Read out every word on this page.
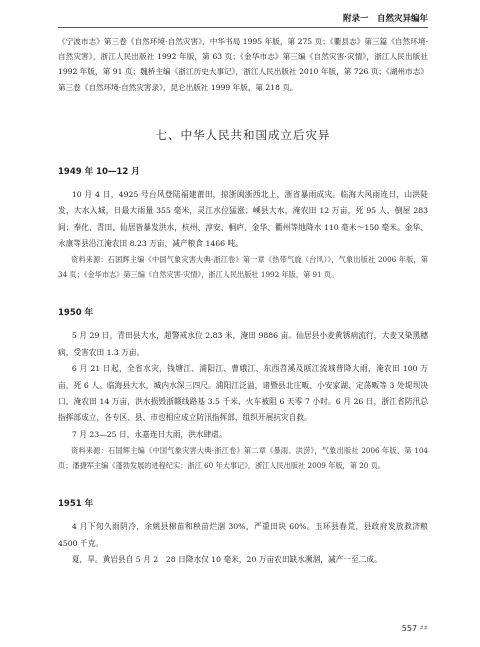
附录一　自然灾异编年

《宁波市志》第三卷《自然环境·自然灾害》，中华书局 1995 年版，第 275 页；《衢县志》第三篇《自然环境·自然灾害》，浙江人民出版社 1992 年版，第 63 页；《金华市志》第三编《自然灾害·灾情》，浙江人民出版社 1992 年版，第 91 页；魏桥主编《浙江历史大事记》，浙江人民出版社 2010 年版，第 726 页；《湖州市志》第三卷《自然环境·自然灾害录》，昆仑出版社 1999 年版，第 218 页。

七、中华人民共和国成立后灾异
1949 年 10—12 月

10 月 4 日，4925 号台风登陆福建莆田，掠浙闽浙西北上，浙省暴雨成灾。临海大风雨连日，山洪陡发，大水入城，日最大雨量 355 毫米，灵江水位猛涨；嵊县大水，淹农田 12 万亩，死 95 人，倒屋 283 间；奉化、青田、仙居皆暴发洪水，杭州、淳安、桐庐、金华、衢州等地降水 110 毫米～150 毫米。金华、永康等县沿江淹农田 8.23 万亩，减产粮食 1466 吨。

资料来源：石国辉主编《中国气象灾害大典·浙江卷》第一章《热带气旋（台风）》，气象出版社 2006 年版，第 34 页；《金华市志》第三编《自然灾害·灾情》，浙江人民出版社 1992 年版，第 91 页。

1950 年

5 月 29 日，青田县大水，超警戒水位 2.83 米，淹田 9886 亩。仙居县小麦黄锈病流行，大麦又染黑穗病，受害农田 1.3 万亩。

6 月 21 日起，全省水灾，钱塘江、浦阳江、曹娥江、东西苕溪及瓯江流域普降大雨，淹农田 100 万亩，死 6 人。临海县大水，城内水深三四尺。浦阳江泛溢，诸暨县北庄畈、小安家湖、定荡畈等 3 处堤坝决口，淹农田 14 万亩，洪水损毁浙赣线路基 3.5 千米，火车被阻 6 天零 7 小时。6 月 26 日，浙江省防汛总指挥部成立，各专区、县、市也相应成立防汛指挥部，组织开展抗灾自救。

7 月 23—25 日，永嘉连日大雨，洪水肆虐。

资料来源：石国辉主编《中国气象灾害大典·浙江卷》第二章《暴雨、洪涝》，气象出版社 2006 年版，第 104 页；潘捷军主编《蓬勃发展的进程纪实：浙江 60 年大事记》，浙江人民出版社 2009 年版，第 20 页。

1951 年

4 月下旬久雨阴冷，余姚县棉苗和秧苗烂涸 30%，严重田块 60%。玉环县春荒，县政府发放救济粮 4500 千克。

夏，旱。黄岩县自 5 月 2　28 日降水仅 10 毫米，20 万亩农田缺水濒涸，减产一至二成。

557 ##
